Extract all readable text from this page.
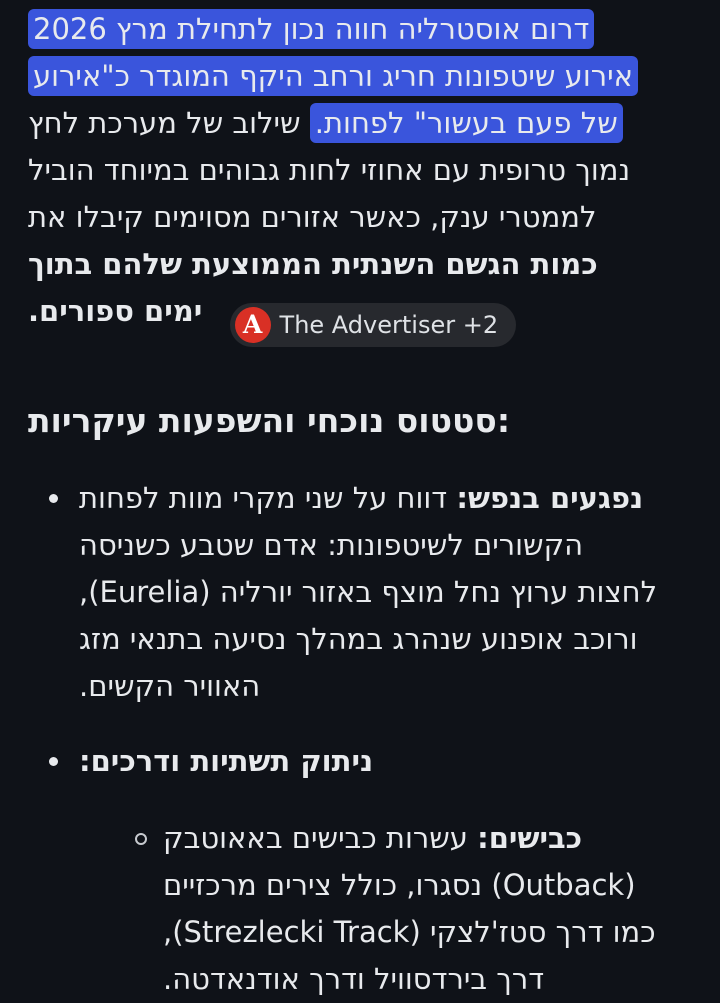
דרום אוסטרליה חווה נכון לתחילת מרץ 2026 אירוע שיטפונות חריג ורחב היקף המוגדר כ"אירוע של פעם בעשור" לפחות. שילוב של מערכת לחץ נמוך טרופית עם אחוזי לחות גבוהים במיוחד הוביל לממטרי ענק, כאשר אזורים מסוימים קיבלו את כמות הגשם השנתית הממוצעת שלהם בתוך ימים ספורים.	A The Advertiser +2

סטטוס נוכחי והשפעות עיקריות:
נפגעים בנפש: דווח על שני מקרי מוות לפחות הקשורים לשיטפונות: אדם שטבע כשניסה לחצות ערוץ נחל מוצף באזור יורליה (Eurelia), ורוכב אופנוע שנהרג במהלך נסיעה בתנאי מזג האוויר הקשים.
ניתוק תשתיות ודרכים:
כבישים: עשרות כבישים באאוטבק (Outback) נסגרו, כולל צירים מרכזיים כמו דרך סטז'לצקי (Strezlecki Track), דרך בירדסוויל ודרך אודנאדטה.
